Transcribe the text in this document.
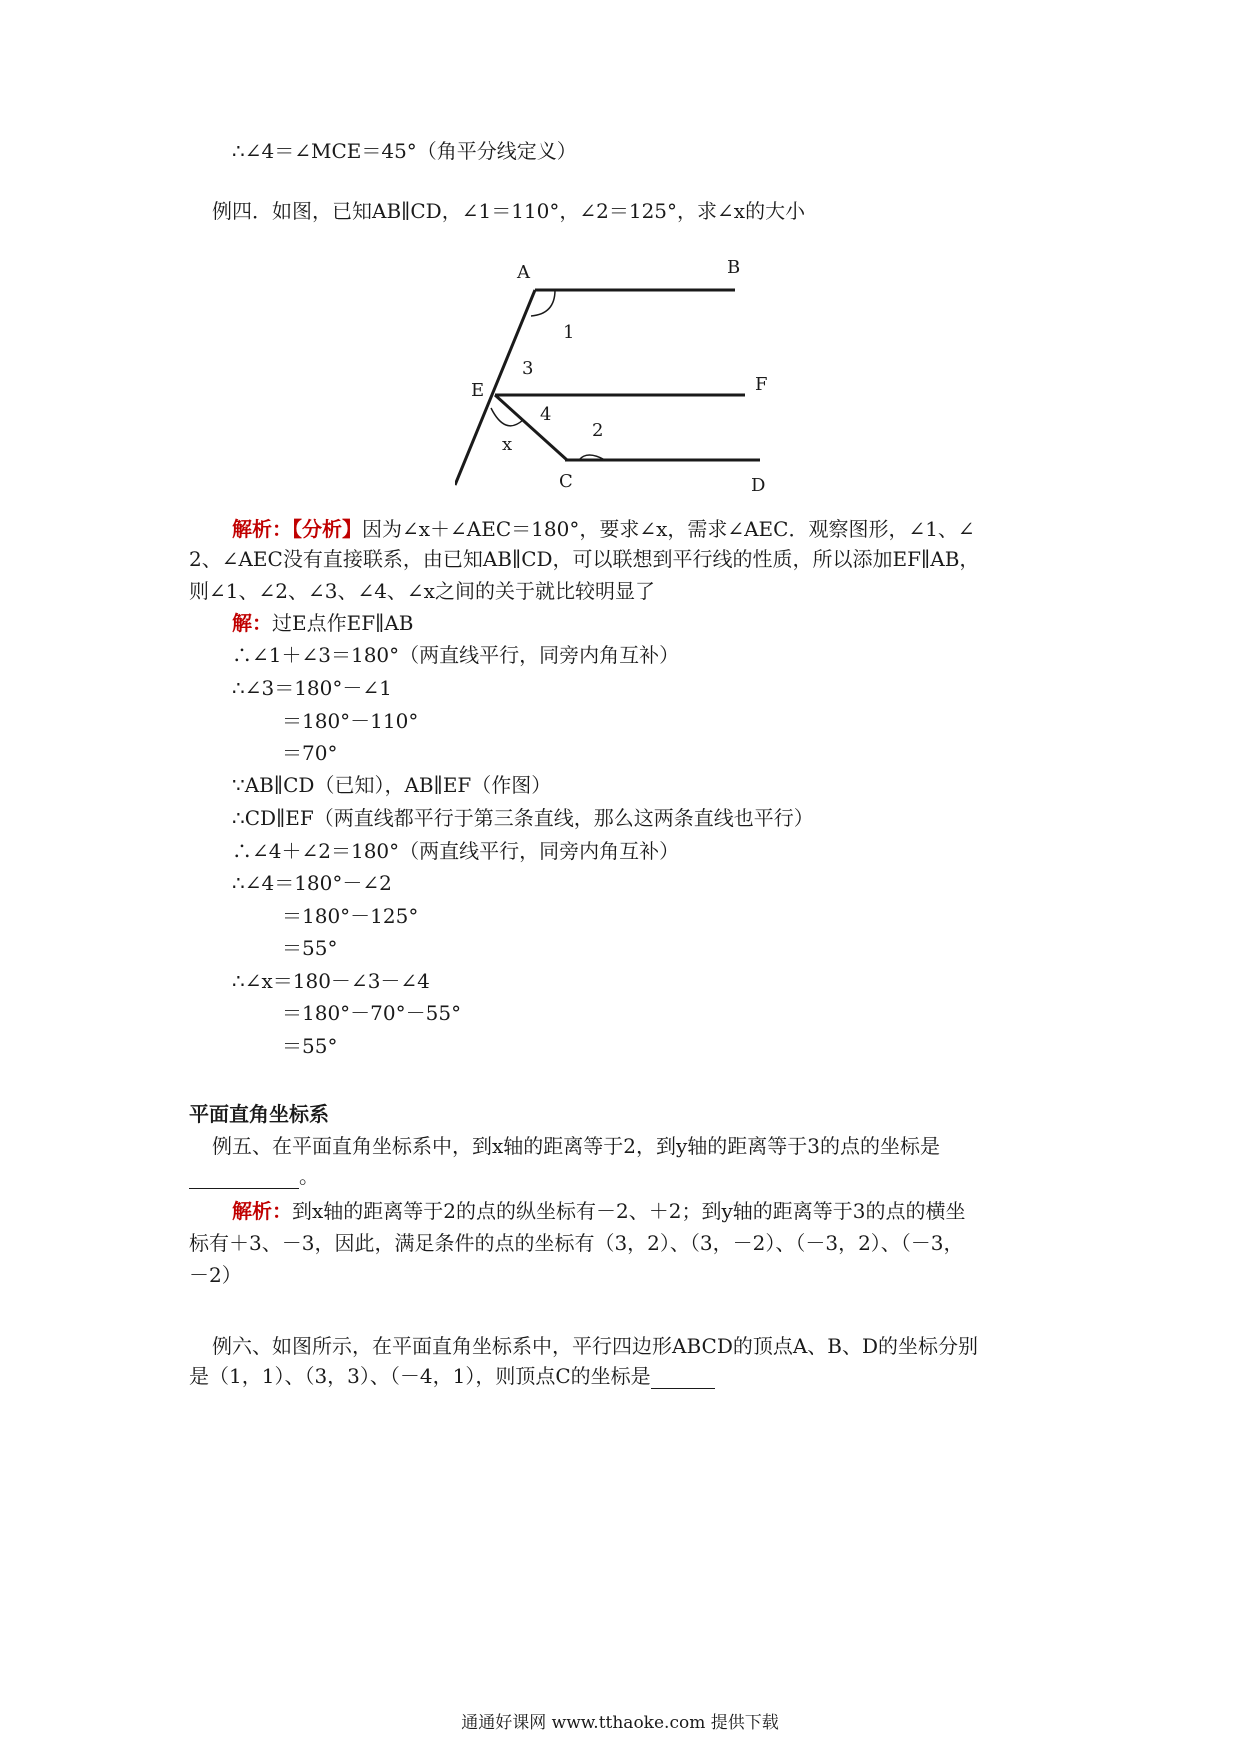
∴∠4＝∠MCE＝45°（角平分线定义）
例四．如图，已知AB∥CD，∠1＝110°，∠2＝125°，求∠x的大小
A	B
E	F
C	D
1
2
3
4
x
解析：【分析】因为∠x＋∠AEC＝180°，要求∠x，需求∠AEC．观察图形，∠1、∠
2、∠AEC没有直接联系，由已知AB∥CD，可以联想到平行线的性质，所以添加EF∥AB，
则∠1、∠2、∠3、∠4、∠x之间的关于就比较明显了
解：过E点作EF∥AB
∴∠1＋∠3＝180°（两直线平行，同旁内角互补）
∴∠3＝180°－∠1
＝180°－110°
＝70°
∵AB∥CD（已知），AB∥EF（作图）
∴CD∥EF（两直线都平行于第三条直线，那么这两条直线也平行）
∴∠4＋∠2＝180°（两直线平行，同旁内角互补）
∴∠4＝180°－∠2
＝180°－125°
＝55°
∴∠x＝180－∠3－∠4
＝180°－70°－55°
＝55°
平面直角坐标系
例五、在平面直角坐标系中，到x轴的距离等于2，到y轴的距离等于3的点的坐标是
。
解析：到x轴的距离等于2的点的纵坐标有－2、＋2；到y轴的距离等于3的点的横坐
标有＋3、－3，因此，满足条件的点的坐标有（3，2）、（3，－2）、（－3，2）、（－3，
－2）
例六、如图所示，在平面直角坐标系中，平行四边形ABCD的顶点A、B、D的坐标分别
是（1，1）、（3，3）、（－4，1），则顶点C的坐标是
通通好课网 www.tthaoke.com 提供下载
